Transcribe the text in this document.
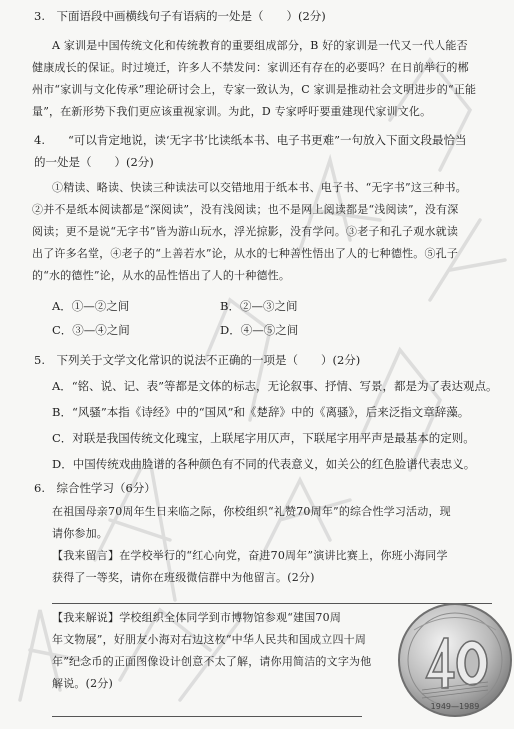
3.　下面语段中画横线句子有语病的一处是（　　）(2分)
A 家训是中国传统文化和传统教育的重要组成部分，B 好的家训是一代又一代人能否
健康成长的保证。时过境迁，许多人不禁发问：家训还有存在的必要吗？在日前举行的郴
州市“家训与文化传承”理论研讨会上，专家一致认为，C 家训是推动社会文明进步的“正能
量”，在新形势下我们更应该重视家训。为此，D 专家呼吁要重建现代家训文化。
4.　　“可以肯定地说，读‘无字书’比读纸本书、电子书更难”一句放入下面文段最恰当
的一处是（　　）(2分)
①精读、略读、快读三种读法可以交错地用于纸本书、电子书、“无字书”这三种书。
②并不是纸本阅读都是“深阅读”，没有浅阅读；也不是网上阅读都是“浅阅读”，没有深
阅读；更不是说“无字书”皆为游山玩水，浮光掠影，没有学问。③老子和孔子观水就读
出了许多名堂，④老子的“上善若水”论，从水的七种善性悟出了人的七种德性。⑤孔子
的“水的德性”论，从水的品性悟出了人的十种德性。
A．①—②之间	B．②—③之间
C．③—④之间	D．④—⑤之间
5.　下列关于文学文化常识的说法不正确的一项是（　　）(2分)
A．“铭、说、记、表”等都是文体的标志，无论叙事、抒情、写景，都是为了表达观点。
B．“风骚”本指《诗经》中的“国风”和《楚辞》中的《离骚》，后来泛指文章辞藻。
C．对联是我国传统文化瑰宝，上联尾字用仄声，下联尾字用平声是最基本的定则。
D．中国传统戏曲脸谱的各种颜色有不同的代表意义，如关公的红色脸谱代表忠义。
6.　综合性学习（6分）
在祖国母亲70周年生日来临之际，你校组织“礼赞70周年”的综合性学习活动，现
请你参加。
【我来留言】在学校举行的“红心向党，奋进70周年”演讲比赛上，你班小海同学
获得了一等奖，请你在班级微信群中为他留言。(2分)
【我来解说】学校组织全体同学到市博物馆参观“建国70周
年文物展”，好朋友小海对右边这枚“中华人民共和国成立四十周
年”纪念币的正面图像设计创意不太了解，请你用简洁的文字为他
解说。(2分)
1949—1989
